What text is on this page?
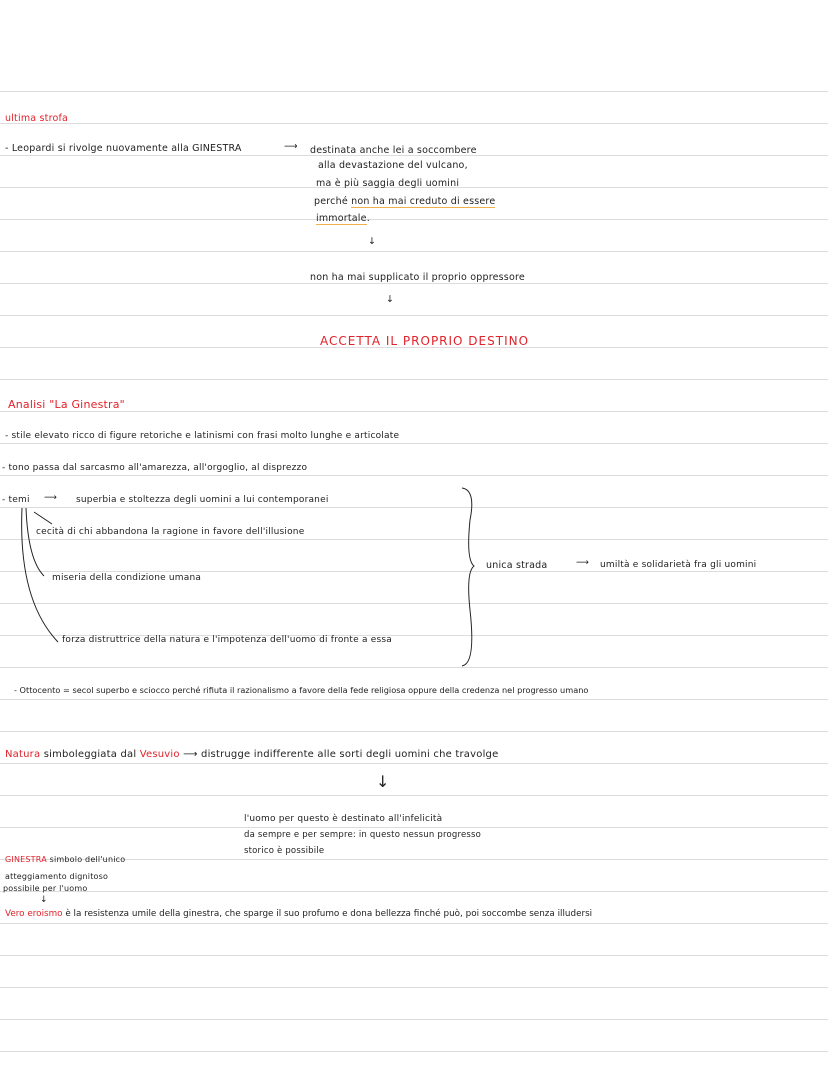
ultima strofa
- Leopardi si rivolge nuovamente alla GINESTRA	⟶ destinata anche lei a soccombere
alla devastazione del vulcano,
ma è più saggia degli uomini
perché non ha mai creduto di essere
immortale.
↓
non ha mai supplicato il proprio oppressore
↓
ACCETTA IL PROPRIO DESTINO
Analisi "La Ginestra"
- stile elevato ricco di figure retoriche e latinismi con frasi molto lunghe e articolate
- tono passa dal sarcasmo all'amarezza, all'orgoglio, al disprezzo
- temi ⟶ superbia e stoltezza degli uomini a lui contemporanei
cecità di chi abbandona la ragione in favore dell'illusione
miseria della condizione umana
forza distruttrice della natura e l'impotenza dell'uomo di fronte a essa
unica strada	⟶ umiltà e solidarietà fra gli uomini
- Ottocento = secol superbo e sciocco perché rifiuta il razionalismo a favore della fede religiosa oppure della credenza nel progresso umano
Natura simboleggiata dal Vesuvio ⟶ distrugge indifferente alle sorti degli uomini che travolge
↓
l'uomo per questo è destinato all'infelicità
da sempre e per sempre: in questo nessun progresso
storico è possibile
GINESTRA simbolo dell'unico
atteggiamento dignitoso
possibile per l'uomo
↓
Vero eroismo è la resistenza umile della ginestra, che sparge il suo profumo e dona bellezza finché può, poi soccombe senza illudersi
